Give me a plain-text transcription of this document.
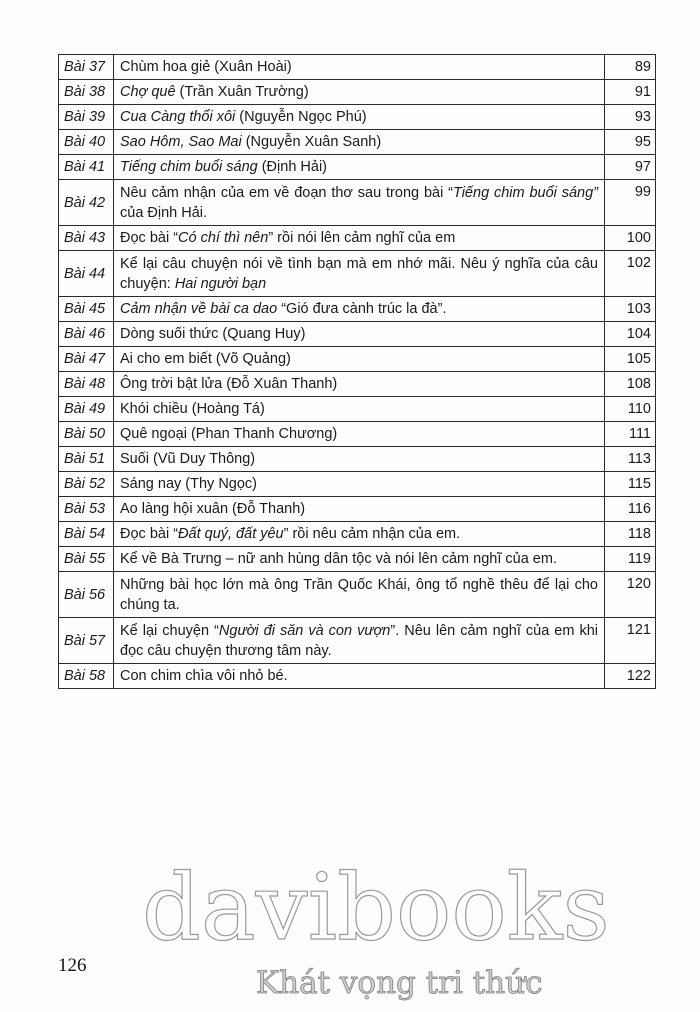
Bài 37	Chùm hoa giẻ (Xuân Hoài)	89
Bài 38	Chợ quê (Trần Xuân Trường)	91
Bài 39	Cua Càng thổi xôi (Nguyễn Ngọc Phú)	93
Bài 40	Sao Hôm, Sao Mai (Nguyễn Xuân Sanh)	95
Bài 41	Tiếng chim buổi sáng (Định Hải)	97
Bài 42	Nêu cảm nhận của em về đoạn thơ sau trong bài “Tiếng chim buổi sáng” của Định Hải.	99
Bài 43	Đọc bài “Có chí thì nên” rồi nói lên cảm nghĩ của em	100
Bài 44	Kể lại câu chuyện nói về tình bạn mà em nhớ mãi. Nêu ý nghĩa của câu chuyện: Hai người bạn	102
Bài 45	Cảm nhận về bài ca dao “Gió đưa cành trúc la đà”.	103
Bài 46	Dòng suối thức (Quang Huy)	104
Bài 47	Ai cho em biết (Võ Quảng)	105
Bài 48	Ông trời bật lửa (Đỗ Xuân Thanh)	108
Bài 49	Khói chiều (Hoàng Tá)	110
Bài 50	Quê ngoại (Phan Thanh Chương)	111
Bài 51	Suối (Vũ Duy Thông)	113
Bài 52	Sáng nay (Thy Ngọc)	115
Bài 53	Ao làng hội xuân (Đỗ Thanh)	116
Bài 54	Đọc bài “Đất quý, đất yêu” rồi nêu cảm nhận của em.	118
Bài 55	Kể về Bà Trưng – nữ anh hùng dân tộc và nói lên cảm nghĩ của em.	119
Bài 56	Những bài học lớn mà ông Trần Quốc Khái, ông tổ nghề thêu để lại cho chúng ta.	120
Bài 57	Kể lại chuyện “Người đi săn và con vượn”. Nêu lên cảm nghĩ của em khi đọc câu chuyện thương tâm này.	121
Bài 58	Con chim chìa vôi nhỏ bé.	122
126
davibooks
Khát vọng tri thức
